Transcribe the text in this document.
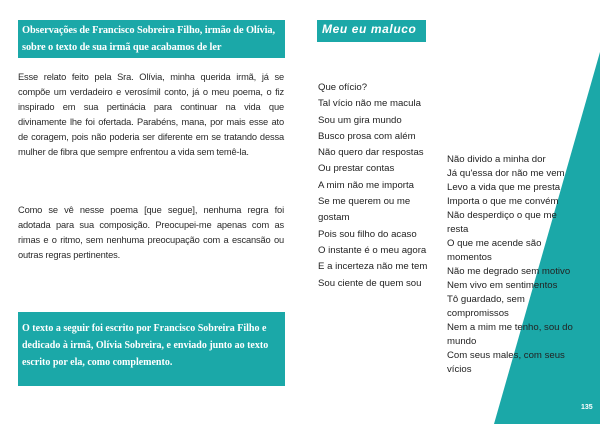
Observações de Francisco Sobreira Filho, irmão de Olívia, sobre o texto de sua irmã que acabamos de ler

Esse relato feito pela Sra. Olívia, minha querida irmã, já se compõe um verdadeiro e verosímil conto, já o meu poema, o fiz inspirado em sua pertinácia para continuar na vida que divinamente lhe foi ofertada. Parabéns, mana, por mais esse ato de coragem, pois não poderia ser diferente em se tratando dessa mulher de fibra que sempre enfrentou a vida sem temê-la.

Como se vê nesse poema [que segue], nenhuma regra foi adotada para sua composição. Preocupei-me apenas com as rimas e o ritmo, sem nenhuma preocupação com a escansão ou outras regras pertinentes.

O texto a seguir foi escrito por Francisco Sobreira Filho e dedicado à irmã, Olívia Sobreira, e enviado junto ao texto escrito por ela, como complemento.
Meu eu maluco
Que ofício?
Tal vício não me macula
Sou um gira mundo
Busco prosa com além
Não quero dar respostas
Ou prestar contas
A mim não me importa
Se me querem ou me
gostam
Pois sou filho do acaso
O instante é o meu agora
E a incerteza não me tem
Sou ciente de quem sou
Não divido a minha dor
Já qu'essa dor não me vem
Levo a vida que me presta
Importa o que me convém
Não desperdiço o que me
resta
O que me acende são
momentos
Não me degrado sem motivo
Nem vivo em sentimentos
Tô guardado, sem
compromissos
Nem a mim me tenho, sou do
mundo
Com seus males, com seus
vícios
135
